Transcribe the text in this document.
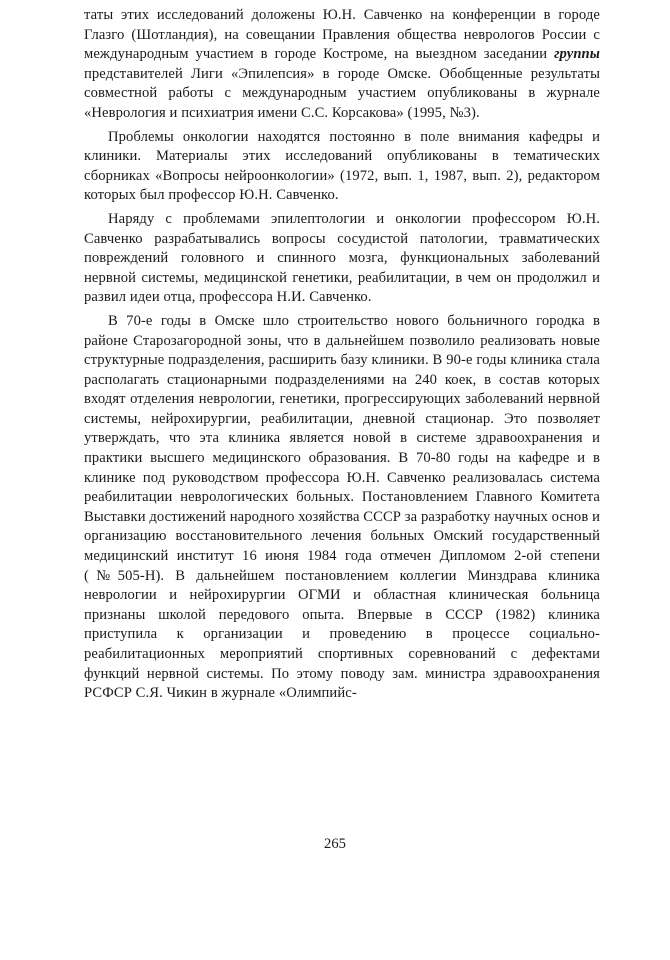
таты этих исследований доложены Ю.Н. Савченко на конференции в городе Глазго (Шотландия), на совещании Правления общества неврологов России с международным участием в городе Костроме, на выездном заседании группы представителей Лиги «Эпилепсия» в городе Омске. Обобщенные результаты совместной работы с международным участием опубликованы в журнале «Неврология и психиатрия имени С.С. Корсакова» (1995, №3).

Проблемы онкологии находятся постоянно в поле внимания кафедры и клиники. Материалы этих исследований опубликованы в тематических сборниках «Вопросы нейроонкологии» (1972, вып. 1, 1987, вып. 2), редактором которых был профессор Ю.Н. Савченко.

Наряду с проблемами эпилептологии и онкологии профессором Ю.Н. Савченко разрабатывались вопросы сосудистой патологии, травматических повреждений головного и спинного мозга, функциональных заболеваний нервной системы, медицинской генетики, реабилитации, в чем он продолжил и развил идеи отца, профессора Н.И. Савченко.

В 70-е годы в Омске шло строительство нового больничного городка в районе Старозагородной зоны, что в дальнейшем позволило реализовать новые структурные подразделения, расширить базу клиники. В 90-е годы клиника стала располагать стационарными подразделениями на 240 коек, в состав которых входят отделения неврологии, генетики, прогрессирующих заболеваний нервной системы, нейрохирургии, реабилитации, дневной стационар. Это позволяет утверждать, что эта клиника является новой в системе здравоохранения и практики высшего медицинского образования. В 70-80 годы на кафедре и в клинике под руководством профессора Ю.Н. Савченко реализовалась система реабилитации неврологических больных. Постановлением Главного Комитета Выставки достижений народного хозяйства СССР за разработку научных основ и организацию восстановительного лечения больных Омский государственный медицинский институт 16 июня 1984 года отмечен Дипломом 2-ой степени (№505-Н). В дальнейшем постановлением коллегии Минздрава клиника неврологии и нейрохирургии ОГМИ и областная клиническая больница признаны школой передового опыта. Впервые в СССР (1982) клиника приступила к организации и проведению в процессе социально-реабилитационных мероприятий спортивных соревнований с дефектами функций нервной системы. По этому поводу зам. министра здравоохранения РСФСР С.Я. Чикин в журнале «Олимпийс-

265
